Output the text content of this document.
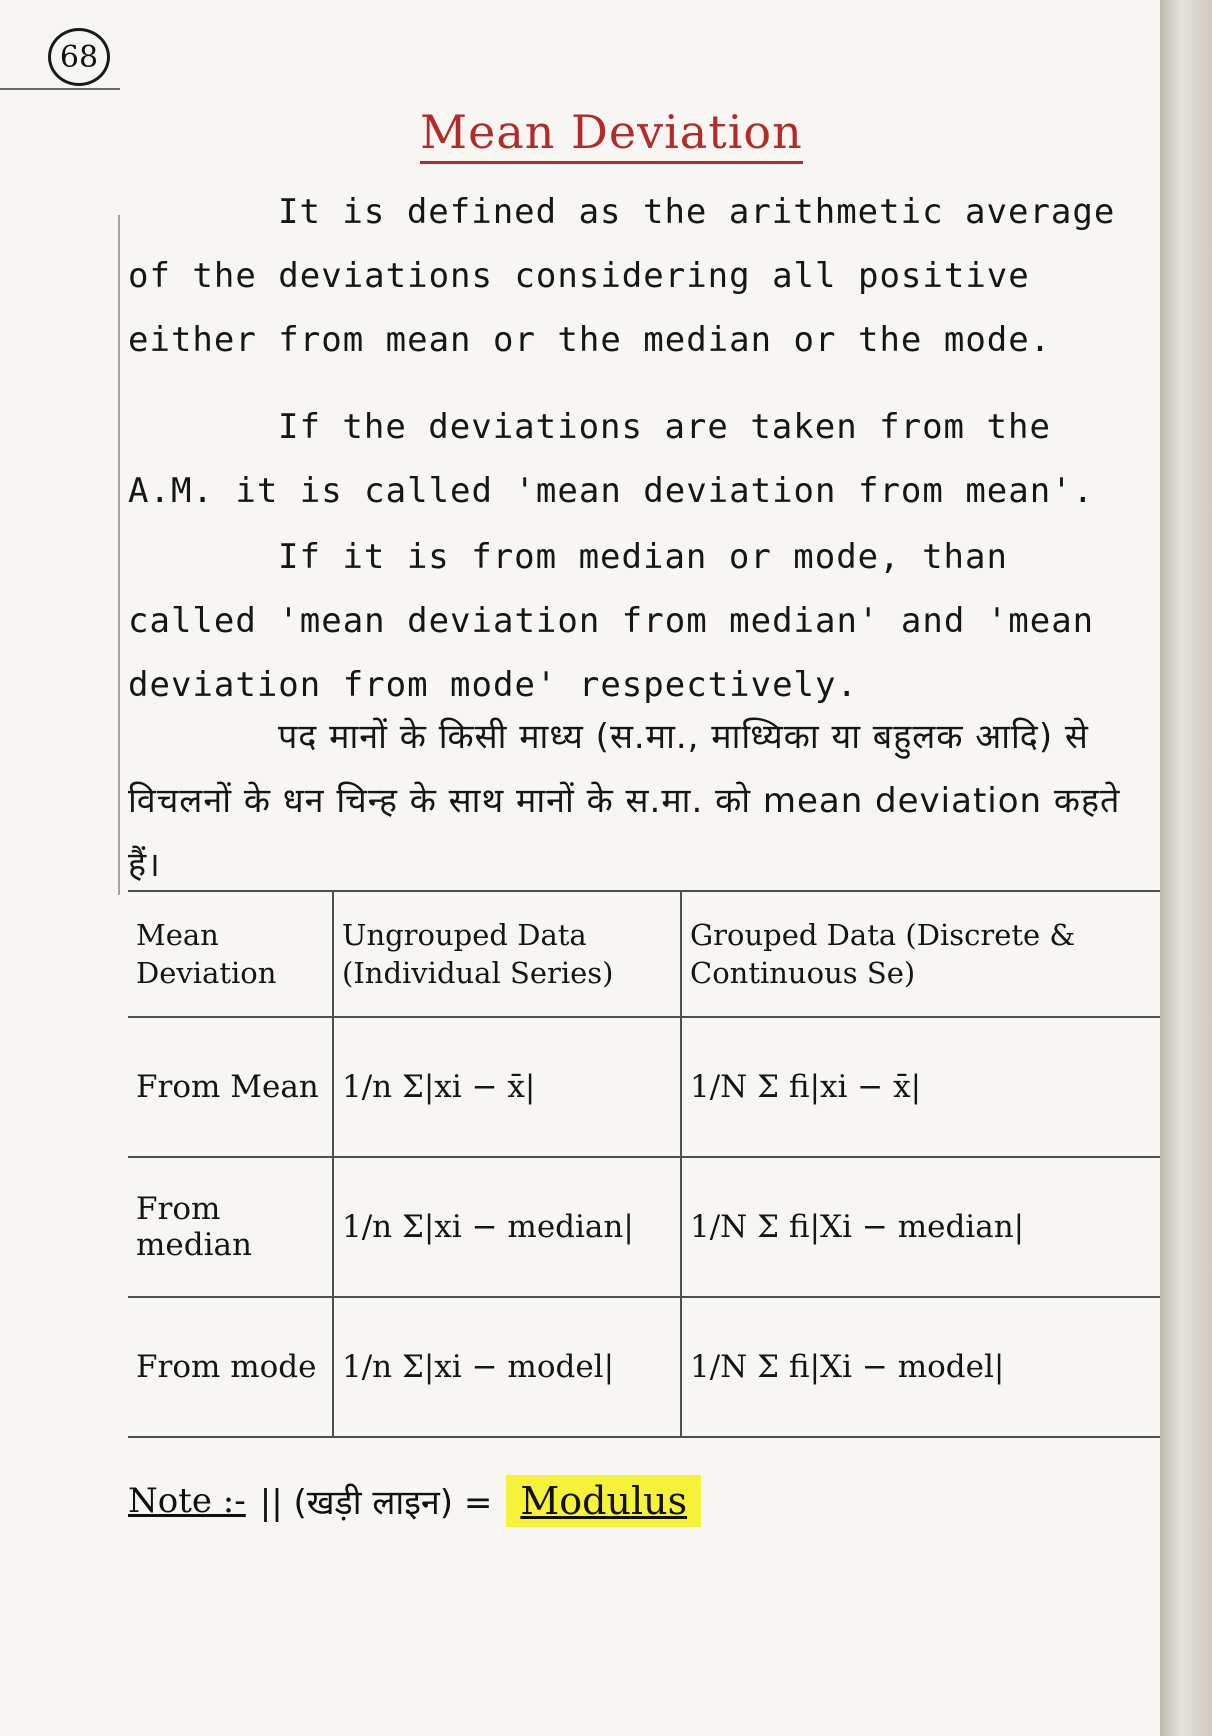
68
Mean Deviation

It is defined as the arithmetic average of the deviations considering all positive either from mean or the median or the mode.

If the deviations are taken from the A.M. it is called 'mean deviation from mean'.

If it is from median or mode, than called 'mean deviation from median' and 'mean deviation from mode' respectively.

पद मानों के किसी माध्य (स.मा., माध्यिका या बहुलक आदि) से विचलनों के धन चिन्ह के साथ मानों के स.मा. को mean deviation कहते हैं।

Mean Deviation	Ungrouped Data (Individual Series)	Grouped Data (Discrete & Continuous Se)
From Mean	1/n Σ|xi − x̄|	1/N Σ fi|xi − x̄|
From median	1/n Σ|xi − median|	1/N Σ fi|Xi − median|
From mode	1/n Σ|xi − model|	1/N Σ fi|Xi − model|
Note :- || (खड़ी लाइन) = Modulus
